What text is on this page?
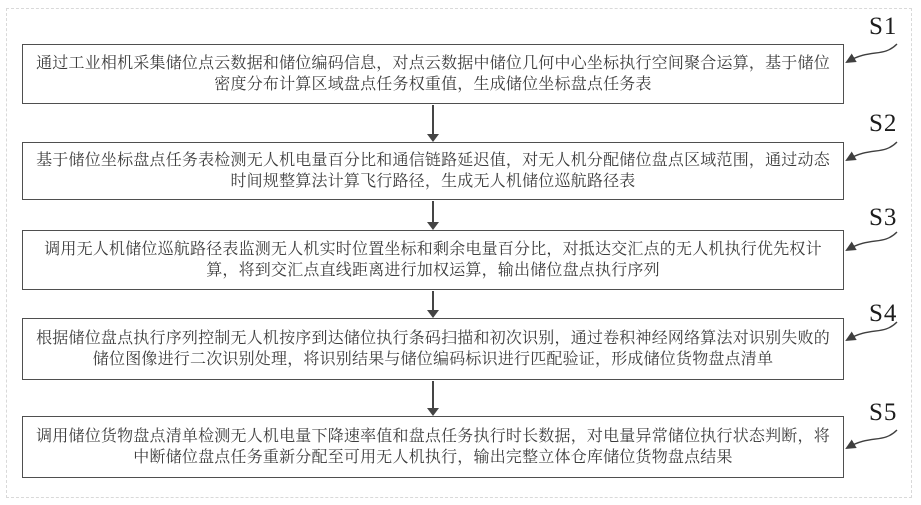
通过工业相机采集储位点云数据和储位编码信息，对点云数据中储位几何中心坐标执行空间聚合运算，基于储位密度分布计算区域盘点任务权重值，生成储位坐标盘点任务表

S1

基于储位坐标盘点任务表检测无人机电量百分比和通信链路延迟值，对无人机分配储位盘点区域范围，通过动态时间规整算法计算飞行路径，生成无人机储位巡航路径表

S2

调用无人机储位巡航路径表监测无人机实时位置坐标和剩余电量百分比，对抵达交汇点的无人机执行优先权计算，将到交汇点直线距离进行加权运算，输出储位盘点执行序列

S3

根据储位盘点执行序列控制无人机按序到达储位执行条码扫描和初次识别，通过卷积神经网络算法对识别失败的储位图像进行二次识别处理，将识别结果与储位编码标识进行匹配验证，形成储位货物盘点清单

S4

调用储位货物盘点清单检测无人机电量下降速率值和盘点任务执行时长数据，对电量异常储位执行状态判断，将中断储位盘点任务重新分配至可用无人机执行，输出完整立体仓库储位货物盘点结果

S5
